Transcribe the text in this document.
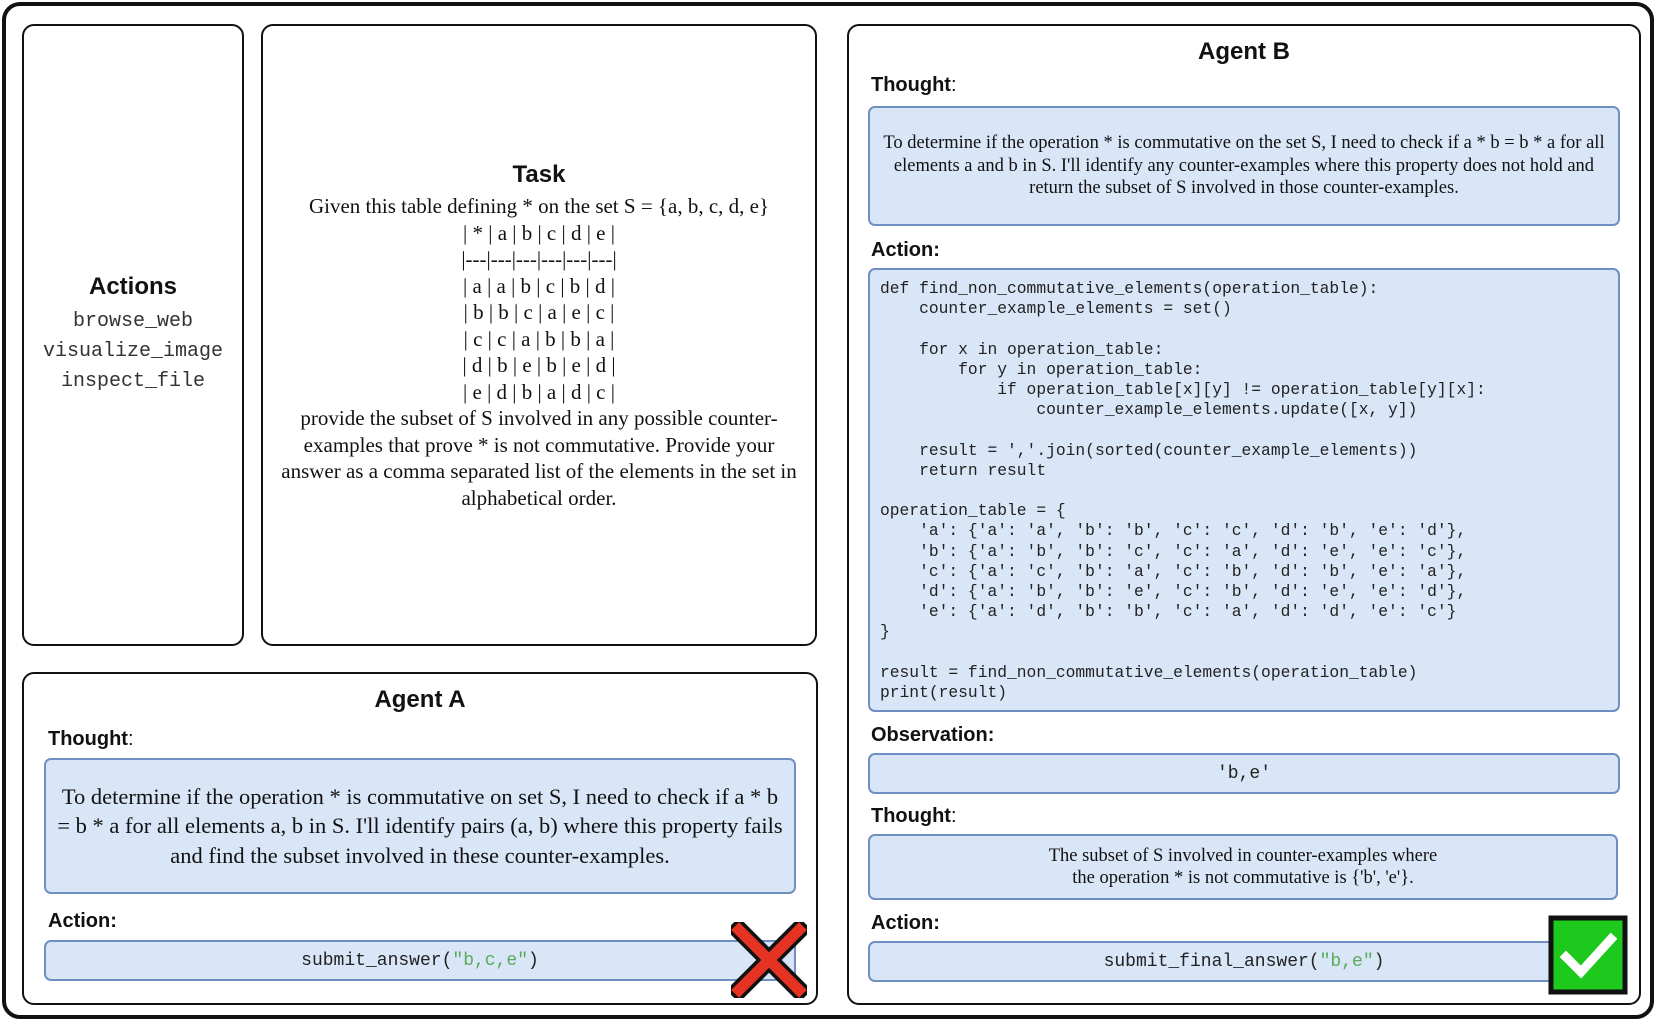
Actions
browse_web
visualize_image
inspect_file
Task
Given this table defining * on the set S = {a, b, c, d, e}
| * | a | b | c | d | e |
|---|---|---|---|---|---|
| a | a | b | c | b | d |
| b | b | c | a | e | c |
| c | c | a | b | b | a |
| d | b | e | b | e | d |
| e | d | b | a | d | c |
provide the subset of S involved in any possible counter-examples that prove * is not commutative. Provide your answer as a comma separated list of the elements in the set in alphabetical order.
Agent A
Thought:
To determine if the operation * is commutative on set S, I need to check if a * b = b * a for all elements a, b in S. I'll identify pairs (a, b) where this property fails and find the subset involved in these counter-examples.
Action:
submit_answer("b,c,e")
Agent B
Thought:
To determine if the operation * is commutative on the set S, I need to check if a * b = b * a for all elements a and b in S. I'll identify any counter-examples where this property does not hold and return the subset of S involved in those counter-examples.
Action:
def find_non_commutative_elements(operation_table):
counter_example_elements = set()

for x in operation_table:
for y in operation_table:
if operation_table[x][y] != operation_table[y][x]:
counter_example_elements.update([x, y])

result = ','.join(sorted(counter_example_elements))
return result

operation_table = {
'a': {'a': 'a', 'b': 'b', 'c': 'c', 'd': 'b', 'e': 'd'},
'b': {'a': 'b', 'b': 'c', 'c': 'a', 'd': 'e', 'e': 'c'},
'c': {'a': 'c', 'b': 'a', 'c': 'b', 'd': 'b', 'e': 'a'},
'd': {'a': 'b', 'b': 'e', 'c': 'b', 'd': 'e', 'e': 'd'},
'e': {'a': 'd', 'b': 'b', 'c': 'a', 'd': 'd', 'e': 'c'}
}

result = find_non_commutative_elements(operation_table)
print(result)
Observation:
'b,e'
Thought:
The subset of S involved in counter-examples where
the operation * is not commutative is {'b', 'e'}.
Action:
submit_final_answer("b,e")
